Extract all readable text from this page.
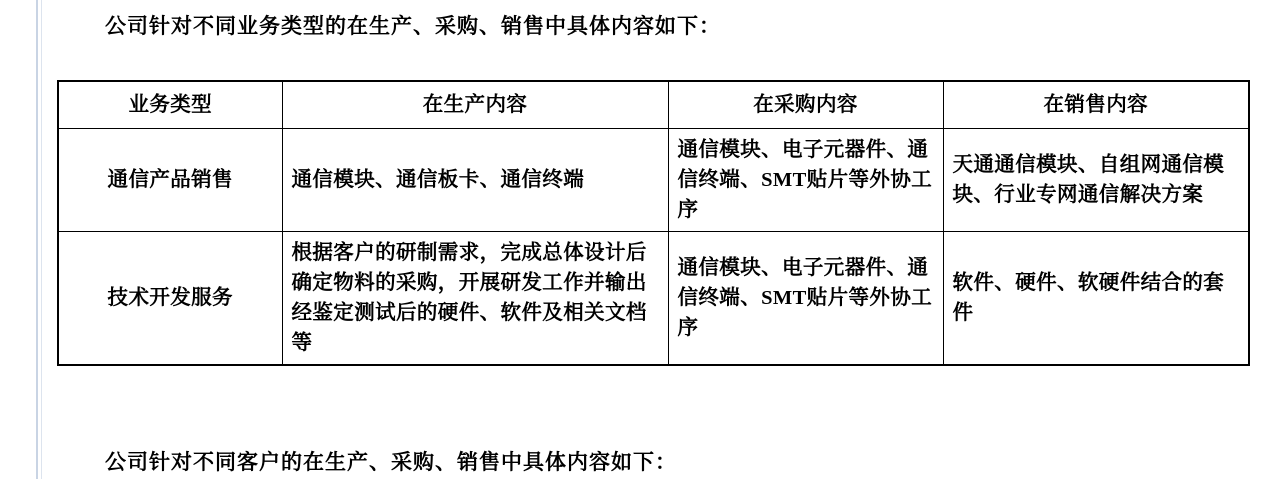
公司针对不同业务类型的在生产、采购、销售中具体内容如下：

业务类型	在生产内容	在采购内容	在销售内容
通信产品销售	通信模块、通信板卡、通信终端	通信模块、电子元器件、通信终端、SMT贴片等外协工序	天通通信模块、自组网通信模块、行业专网通信解决方案
技术开发服务	根据客户的研制需求，完成总体设计后确定物料的采购，开展研发工作并输出经鉴定测试后的硬件、软件及相关文档等	通信模块、电子元器件、通信终端、SMT贴片等外协工序	软件、硬件、软硬件结合的套件

公司针对不同客户的在生产、采购、销售中具体内容如下：
